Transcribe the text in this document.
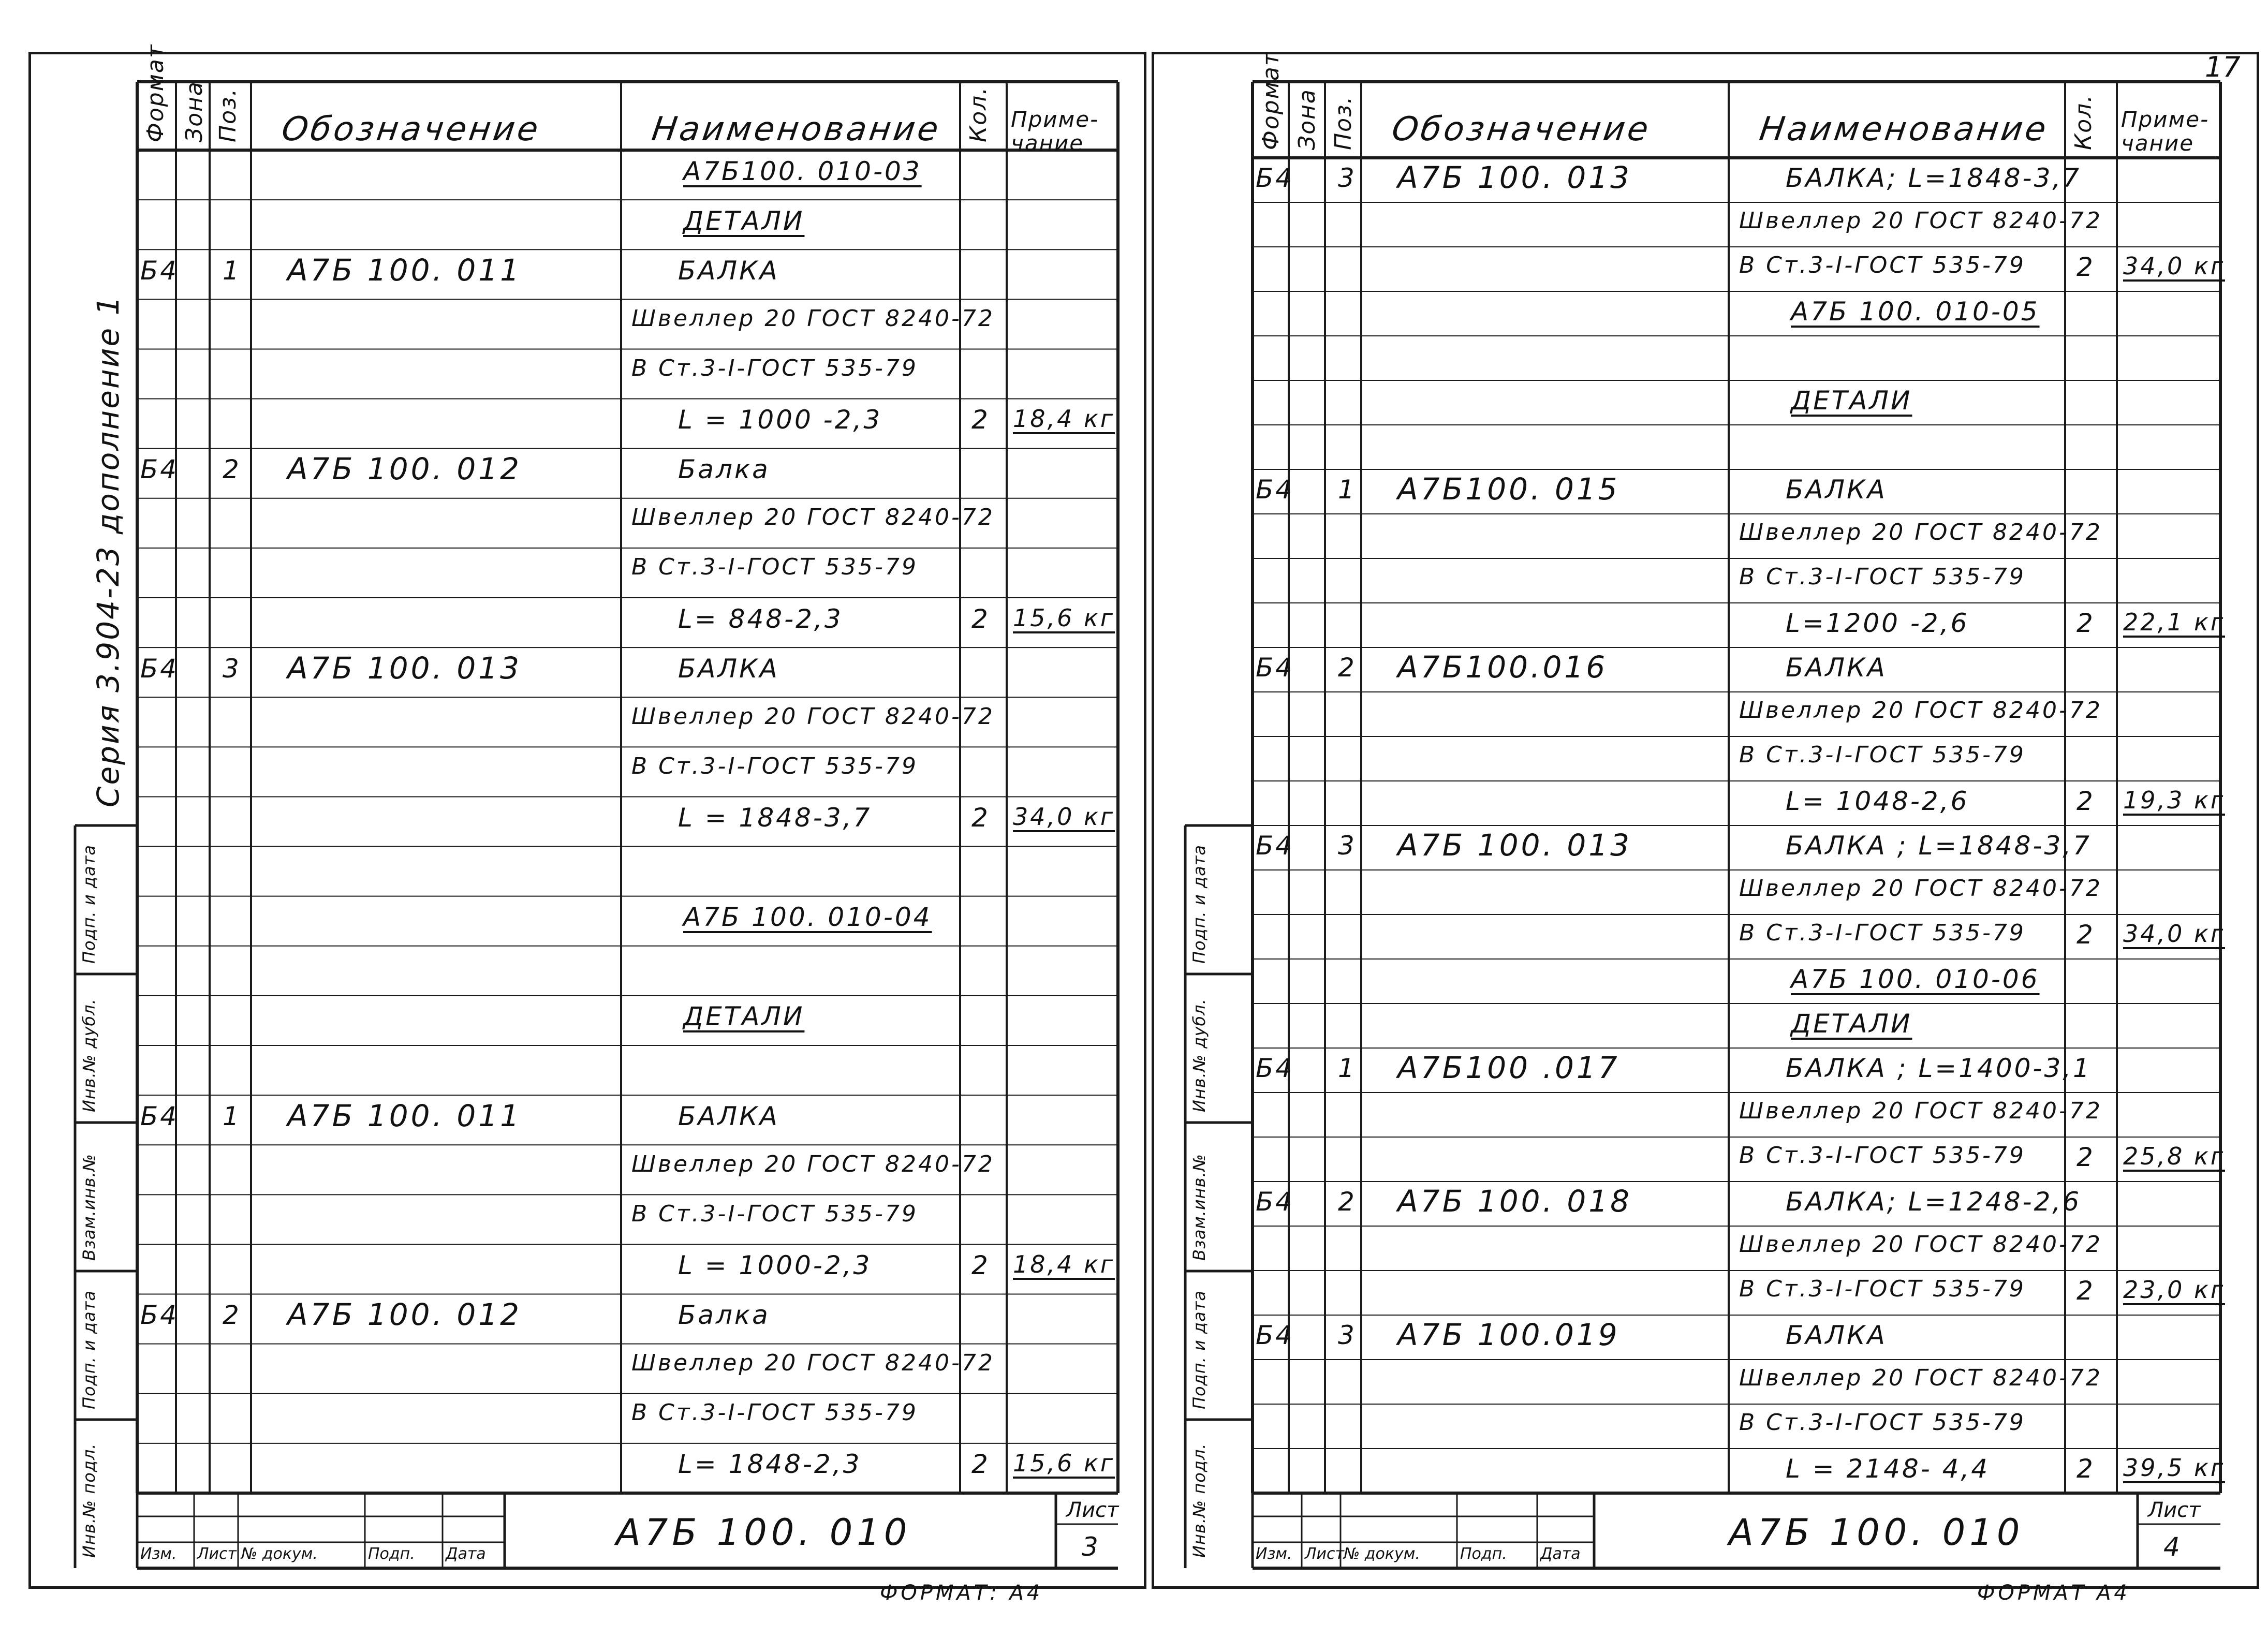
Серия 3.904-23 дополнение 1
А7Б 100. 010
Лист
3
ФОРМАТ: А4
17
А7Б 100. 010
Лист
4
ФОРМАТ А4
Подп. и дата
Инв.№ дубл.
Взам.инв.№
Подп. и дата
Инв.№ подл.	Изм. Лист № докум.	Подп. Дата
Формат Зона Поз. Обозначение	Наименование Кол. Приме-чание
А7Б100. 010-03
ДЕТАЛИ
Б4 1 А7Б 100. 011	БАЛКА
Швеллер 20 ГОСТ 8240-72
В Ст.3-I-ГОСТ 535-79
L = 1000 -2,3	2 18,4 кг
Б4 2 А7Б 100. 012	Балка
Швеллер 20 ГОСТ 8240-72
В Ст.3-I-ГОСТ 535-79
L= 848-2,3	2 15,6 кг
Б4 3 А7Б 100. 013	БАЛКА
Швеллер 20 ГОСТ 8240-72
В Ст.3-I-ГОСТ 535-79
L = 1848-3,7	2 34,0 кг
А7Б 100. 010-04
ДЕТАЛИ
Б4 1 А7Б 100. 011	БАЛКА
Швеллер 20 ГОСТ 8240-72
В Ст.3-I-ГОСТ 535-79
L = 1000-2,3	2 18,4 кг
Б4 2 А7Б 100. 012	Балка
Швеллер 20 ГОСТ 8240-72
В Ст.3-I-ГОСТ 535-79
L= 1848-2,3	2 15,6 кг
Подп. и дата
Инв.№ дубл.
Взам.инв.№
Подп. и дата
Инв.№ подл.	Изм. Лист
№ докум.	Подп. Дата
Формат Зона Поз. Обозначение	Наименование Кол. Приме-чание
Б4 3 А7Б 100. 013	БАЛКА; L=1848-3,7
Швеллер 20 ГОСТ 8240-72
В Ст.3-I-ГОСТ 535-79 2 34,0 кг
А7Б 100. 010-05
ДЕТАЛИ
Б4 1 А7Б100. 015	БАЛКА
Швеллер 20 ГОСТ 8240-72
В Ст.3-I-ГОСТ 535-79
L=1200 -2,6	2 22,1 кг
Б4 2 А7Б100.016	БАЛКА
Швеллер 20 ГОСТ 8240-72
В Ст.3-I-ГОСТ 535-79
L= 1048-2,6	2 19,3 кг
Б4 3 А7Б 100. 013	БАЛКА ; L=1848-3,7
Швеллер 20 ГОСТ 8240-72
В Ст.3-I-ГОСТ 535-79 2 34,0 кг
А7Б 100. 010-06
ДЕТАЛИ
Б4 1 А7Б100 .017	БАЛКА ; L=1400-3,1
Швеллер 20 ГОСТ 8240-72
В Ст.3-I-ГОСТ 535-79 2 25,8 кг
Б4 2 А7Б 100. 018	БАЛКА; L=1248-2,6
Швеллер 20 ГОСТ 8240-72
В Ст.3-I-ГОСТ 535-79 2 23,0 кг
Б4 3 А7Б 100.019	БАЛКА
Швеллер 20 ГОСТ 8240-72
В Ст.3-I-ГОСТ 535-79
L = 2148- 4,4	2 39,5 кг
